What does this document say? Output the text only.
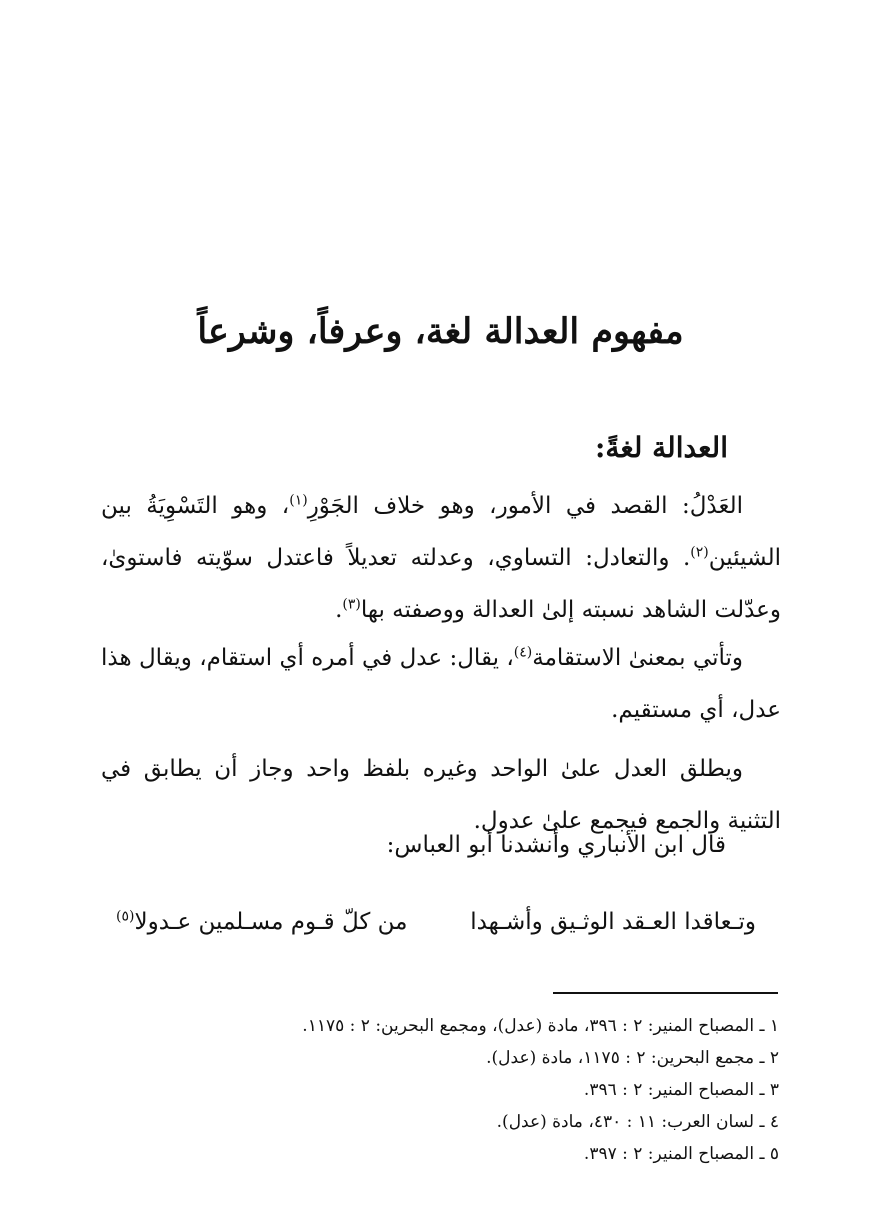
مفهوم العدالة لغة، وعرفاً، وشرعاً
العدالة لغةً:

العَدْلُ: القصد في الأمور، وهو خلاف الجَوْرِ$^{(١)}$، وهو التَسْوِيَةُ بين الشيئين$^{(٢)}$. والتعادل: التساوي، وعدلته تعديلاً فاعتدل سوّيته فاستوىٰ، وعدّلت الشاهد نسبته إلىٰ العدالة ووصفته بها$^{(٣)}$.

وتأتي بمعنىٰ الاستقامة$^{(٤)}$، يقال: عدل في أمره أي استقام، ويقال هذا عدل، أي مستقيم.

ويطلق العدل علىٰ الواحد وغيره بلفظ واحد وجاز أن يطابق في التثنية والجمع فيجمع علىٰ عدول.

قال ابن الأنباري وأنشدنا أبو العباس:

وتـعاقدا العـقد الوثـيق وأشـهدا
من كلّ قـوم مسـلمين عـدولا$^{(٥)}$
١ ـ المصباح المنير: ٢ : ٣٩٦، مادة (عدل)، ومجمع البحرين: ٢ : ١١٧٥.
٢ ـ مجمع البحرين: ٢ : ١١٧٥، مادة (عدل).
٣ ـ المصباح المنير: ٢ : ٣٩٦.
٤ ـ لسان العرب: ١١ : ٤٣٠، مادة (عدل).
٥ ـ المصباح المنير: ٢ : ٣٩٧.
